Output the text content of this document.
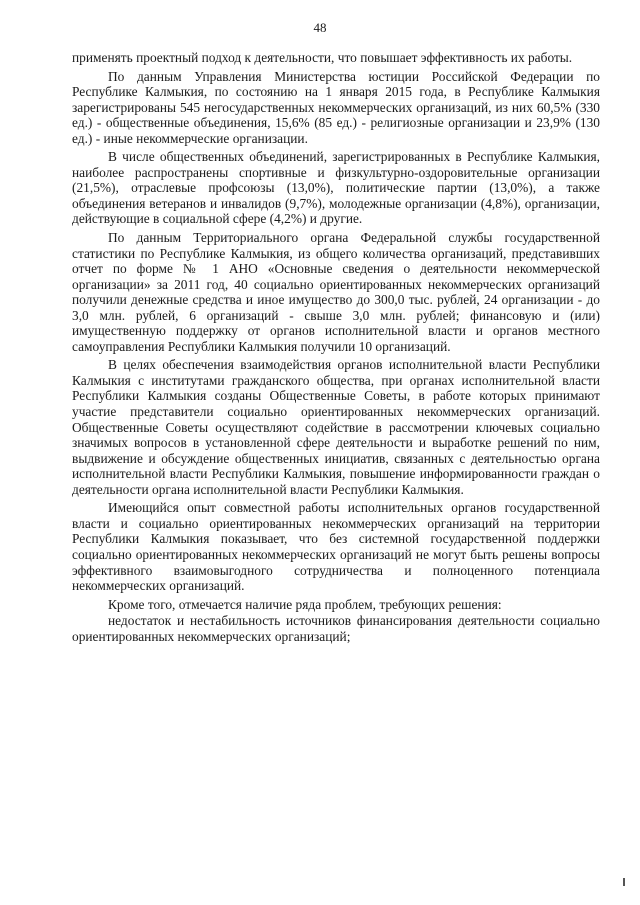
48

применять проектный подход к деятельности, что повышает эффективность их работы.

По данным Управления Министерства юстиции Российской Федерации по Республике Калмыкия, по состоянию на 1 января 2015 года, в Республике Калмыкия зарегистрированы 545 негосударственных некоммерческих организаций, из них 60,5% (330 ед.) - общественные объединения, 15,6% (85 ед.) - религиозные организации и 23,9% (130 ед.) - иные некоммерческие организации.

В числе общественных объединений, зарегистрированных в Республике Калмыкия, наиболее распространены спортивные и физкультурно-оздоровительные организации (21,5%), отраслевые профсоюзы (13,0%), политические партии (13,0%), а также объединения ветеранов и инвалидов (9,7%), молодежные организации (4,8%), организации, действующие в социальной сфере (4,2%) и другие.

По данным Территориального органа Федеральной службы государственной статистики по Республике Калмыкия, из общего количества организаций, представивших отчет по форме № 1 АНО «Основные сведения о деятельности некоммерческой организации» за 2011 год, 40 социально ориентированных некоммерческих организаций получили денежные средства и иное имущество до 300,0 тыс. рублей, 24 организации - до 3,0 млн. рублей, 6 организаций - свыше 3,0 млн. рублей; финансовую и (или) имущественную поддержку от органов исполнительной власти и органов местного самоуправления Республики Калмыкия получили 10 организаций.

В целях обеспечения взаимодействия органов исполнительной власти Республики Калмыкия с институтами гражданского общества, при органах исполнительной власти Республики Калмыкия созданы Общественные Советы, в работе которых принимают участие представители социально ориентированных некоммерческих организаций. Общественные Советы осуществляют содействие в рассмотрении ключевых социально значимых вопросов в установленной сфере деятельности и выработке решений по ним, выдвижение и обсуждение общественных инициатив, связанных с деятельностью органа исполнительной власти Республики Калмыкия, повышение информированности граждан о деятельности органа исполнительной власти Республики Калмыкия.

Имеющийся опыт совместной работы исполнительных органов государственной власти и социально ориентированных некоммерческих организаций на территории Республики Калмыкия показывает, что без системной государственной поддержки социально ориентированных некоммерческих организаций не могут быть решены вопросы эффективного взаимовыгодного сотрудничества и полноценного потенциала некоммерческих организаций.

Кроме того, отмечается наличие ряда проблем, требующих решения:

недостаток и нестабильность источников финансирования деятельности социально ориентированных некоммерческих организаций;
